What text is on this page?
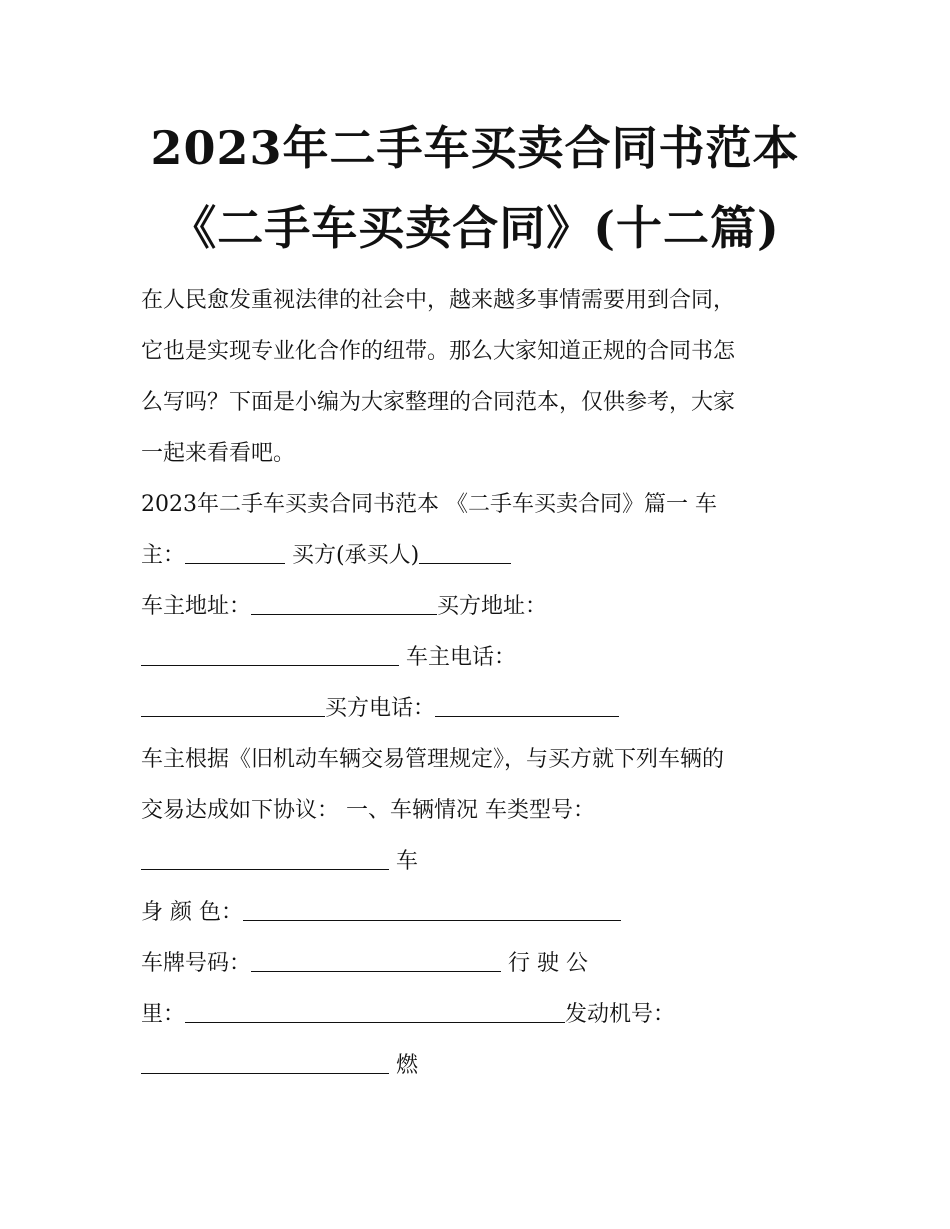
2023年二手车买卖合同书范本
《二手车买卖合同》(十二篇)

在人民愈发重视法律的社会中，越来越多事情需要用到合同，

它也是实现专业化合作的纽带。那么大家知道正规的合同书怎

么写吗？下面是小编为大家整理的合同范本，仅供参考，大家

一起来看看吧。

2023年二手车买卖合同书范本 《二手车买卖合同》篇一 车

主：	买方(承买人)

车主地址：	买方地址：

车主电话：

买方电话：

车主根据《旧机动车辆交易管理规定》，与买方就下列车辆的

交易达成如下协议： 一、车辆情况 车类型号：

车

身 颜 色：

车牌号码：	行 驶 公

里：	发动机号：

燃
